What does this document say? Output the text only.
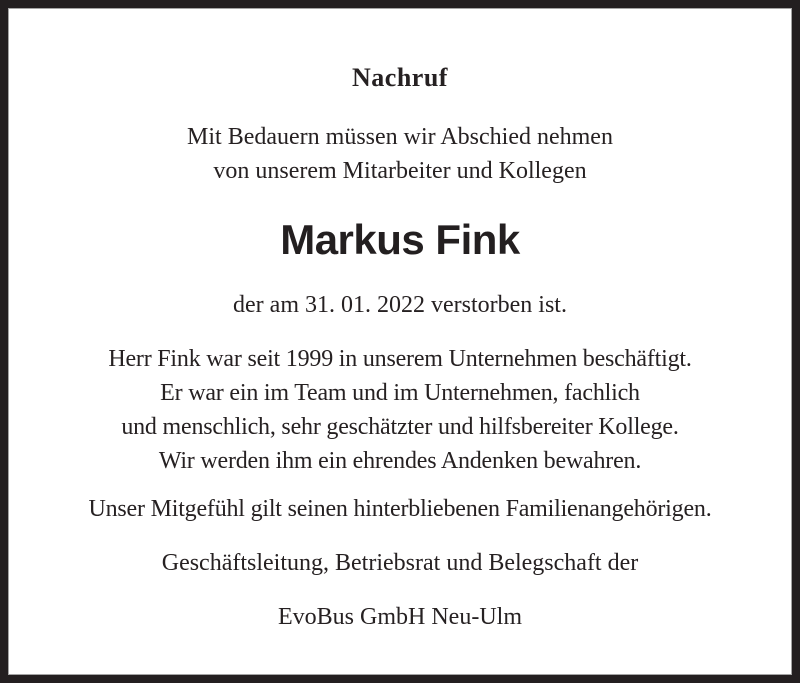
Nachruf
Mit Bedauern müssen wir Abschied nehmen
von unserem Mitarbeiter und Kollegen
Markus Fink
der am 31. 01. 2022 verstorben ist.
Herr Fink war seit 1999 in unserem Unternehmen beschäftigt.
Er war ein im Team und im Unternehmen, fachlich
und menschlich, sehr geschätzter und hilfsbereiter Kollege.
Wir werden ihm ein ehrendes Andenken bewahren.
Unser Mitgefühl gilt seinen hinterbliebenen Familienangehörigen.
Geschäftsleitung, Betriebsrat und Belegschaft der
EvoBus GmbH Neu-Ulm
